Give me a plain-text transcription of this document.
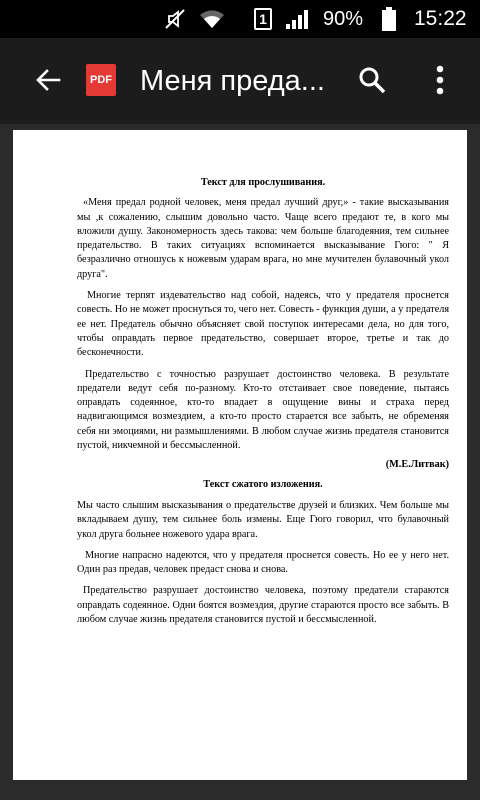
1	90% 15:22
PDF Меня преда...

Текст для прослушивания.

«Меня предал родной человек, меня предал лучший друг,» - такие высказывания мы ,к сожалению, слышим довольно часто. Чаще всего предают те, в кого мы вложили душу. Закономерность здесь такова: чем больше благодеяния, тем сильнее предательство. В таких ситуациях вспоминается высказывание Гюго: " Я безразлично отношусь к ножевым ударам врага, но мне мучителен булавочный укол друга".

Многие терпят издевательство над собой, надеясь, что у предателя проснется совесть. Но не может проснуться то, чего нет. Совесть - функция души, а у предателя ее нет. Предатель обычно объясняет свой поступок интересами дела, но для того, чтобы оправдать первое предательство, совершает второе, третье и так до бесконечности.

Предательство с точностью разрушает достоинство человека. В результате предатели ведут себя по-разному. Кто-то отстаивает свое поведение, пытаясь оправдать содеянное, кто-то впадает в ощущение вины и страха перед надвигающимся возмездием, а кто-то просто старается все забыть, не обременяя себя ни эмоциями, ни размышлениями. В любом случае жизнь предателя становится пустой, никчемной и бессмысленной.

(М.Е.Литвак)

Текст сжатого изложения.

Мы часто слышим высказывания о предательстве друзей и близких. Чем больше мы вкладываем душу, тем сильнее боль измены. Еще Гюго говорил, что булавочный укол друга больнее ножевого удара врага.

Многие напрасно надеются, что у предателя проснется совесть. Но ее у него нет. Один раз предав, человек предаст снова и снова.

Предательство разрушает достоинство человека, поэтому предатели стараются оправдать содеянное. Одни боятся возмездия, другие стараются просто все забыть. В любом случае жизнь предателя становится пустой и бессмысленной.
